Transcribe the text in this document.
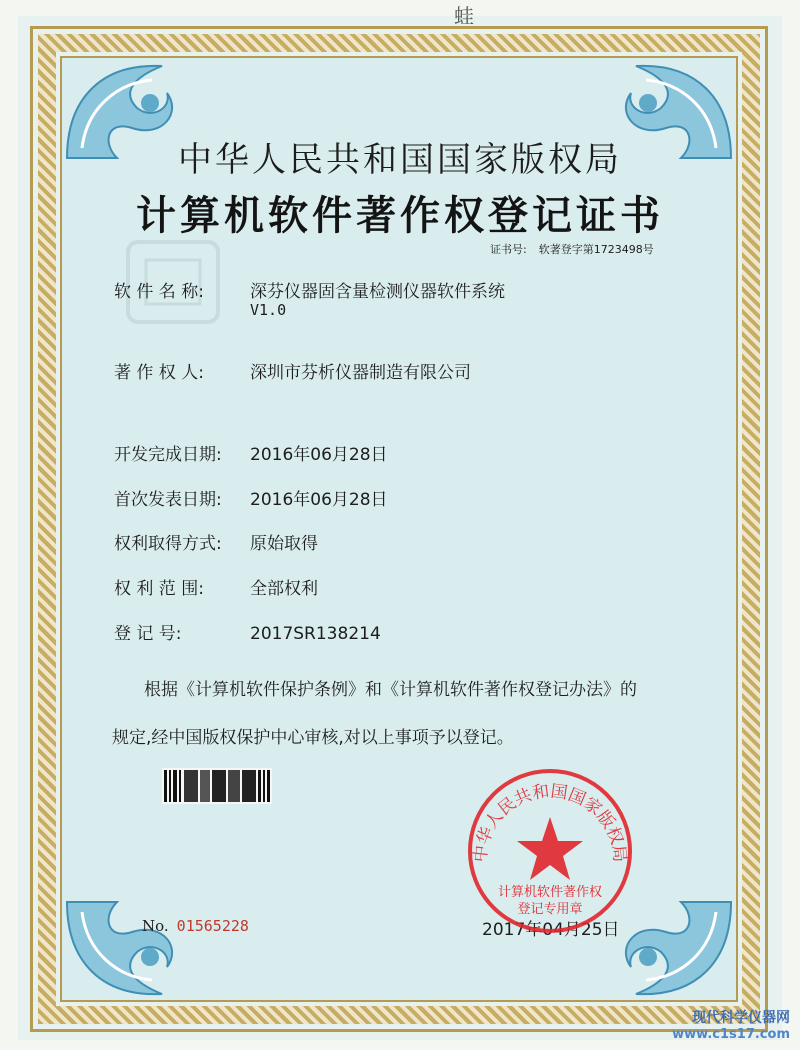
蛙
中华人民共和国国家版权局
计算机软件著作权登记证书
证书号: 软著登字第1723498号
软 件 名 称:	深芬仪器固含量检测仪器软件系统
V1.0
著 作 权 人:	深圳市芬析仪器制造有限公司
开发完成日期: 2016年06月28日
首次发表日期: 2016年06月28日
权利取得方式: 原始取得
权 利 范 围:	全部权利
登 记 号:	2017SR138214
根据《计算机软件保护条例》和《计算机软件著作权登记办法》的
规定,经中国版权保护中心审核,对以上事项予以登记。
No. 01565228	2017年04月25日
中华人民共和国国家版权局
计算机软件著作权
登记专用章
现代科学仪器网
www.c1s17.com
